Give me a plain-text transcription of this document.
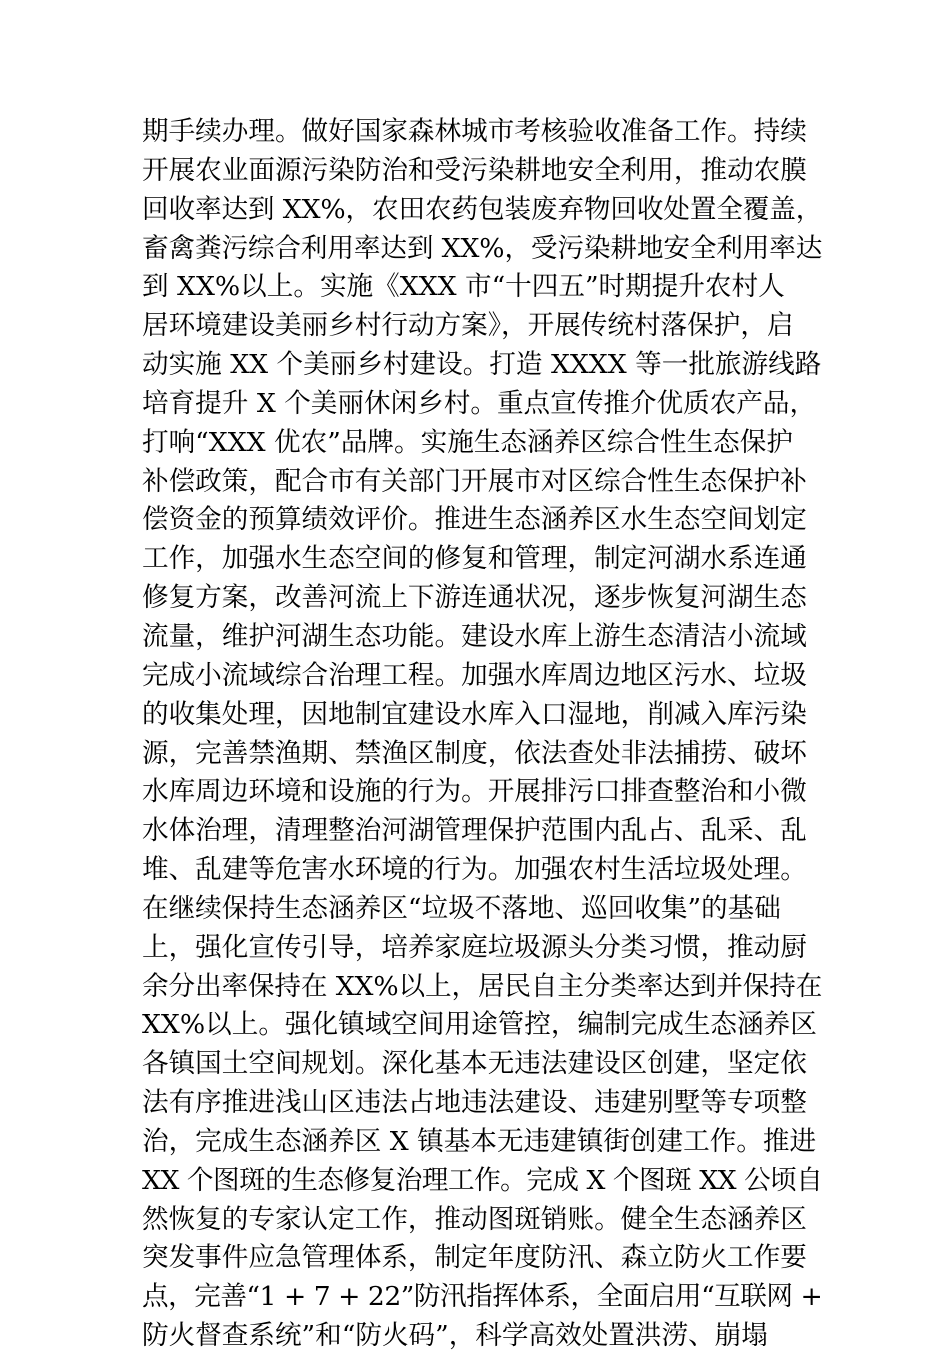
期手续办理。做好国家森林城市考核验收准备工作。持续
开展农业面源污染防治和受污染耕地安全利用，推动农膜
回收率达到 XX%，农田农药包装废弃物回收处置全覆盖，
畜禽粪污综合利用率达到 XX%，受污染耕地安全利用率达
到 XX%以上。实施《XXX 市“十四五”时期提升农村人
居环境建设美丽乡村行动方案》，开展传统村落保护，启
动实施 XX 个美丽乡村建设。打造 XXXX 等一批旅游线路
培育提升 X 个美丽休闲乡村。重点宣传推介优质农产品，
打响“XXX 优农”品牌。实施生态涵养区综合性生态保护
补偿政策，配合市有关部门开展市对区综合性生态保护补
偿资金的预算绩效评价。推进生态涵养区水生态空间划定
工作，加强水生态空间的修复和管理，制定河湖水系连通
修复方案，改善河流上下游连通状况，逐步恢复河湖生态
流量，维护河湖生态功能。建设水库上游生态清洁小流域
完成小流域综合治理工程。加强水库周边地区污水、垃圾
的收集处理，因地制宜建设水库入口湿地，削减入库污染
源，完善禁渔期、禁渔区制度，依法查处非法捕捞、破坏
水库周边环境和设施的行为。开展排污口排查整治和小微
水体治理，清理整治河湖管理保护范围内乱占、乱采、乱
堆、乱建等危害水环境的行为。加强农村生活垃圾处理。
在继续保持生态涵养区“垃圾不落地、巡回收集”的基础
上，强化宣传引导，培养家庭垃圾源头分类习惯，推动厨
余分出率保持在 XX%以上，居民自主分类率达到并保持在
XX%以上。强化镇域空间用途管控，编制完成生态涵养区
各镇国土空间规划。深化基本无违法建设区创建，坚定依
法有序推进浅山区违法占地违法建设、违建别墅等专项整
治，完成生态涵养区 X 镇基本无违建镇街创建工作。推进
XX 个图斑的生态修复治理工作。完成 X 个图斑 XX 公顷自
然恢复的专家认定工作，推动图斑销账。健全生态涵养区
突发事件应急管理体系，制定年度防汛、森立防火工作要
点，完善“1 + 7 + 22”防汛指挥体系，全面启用“互联网 +
防火督查系统”和“防火码”，科学高效处置洪涝、崩塌
